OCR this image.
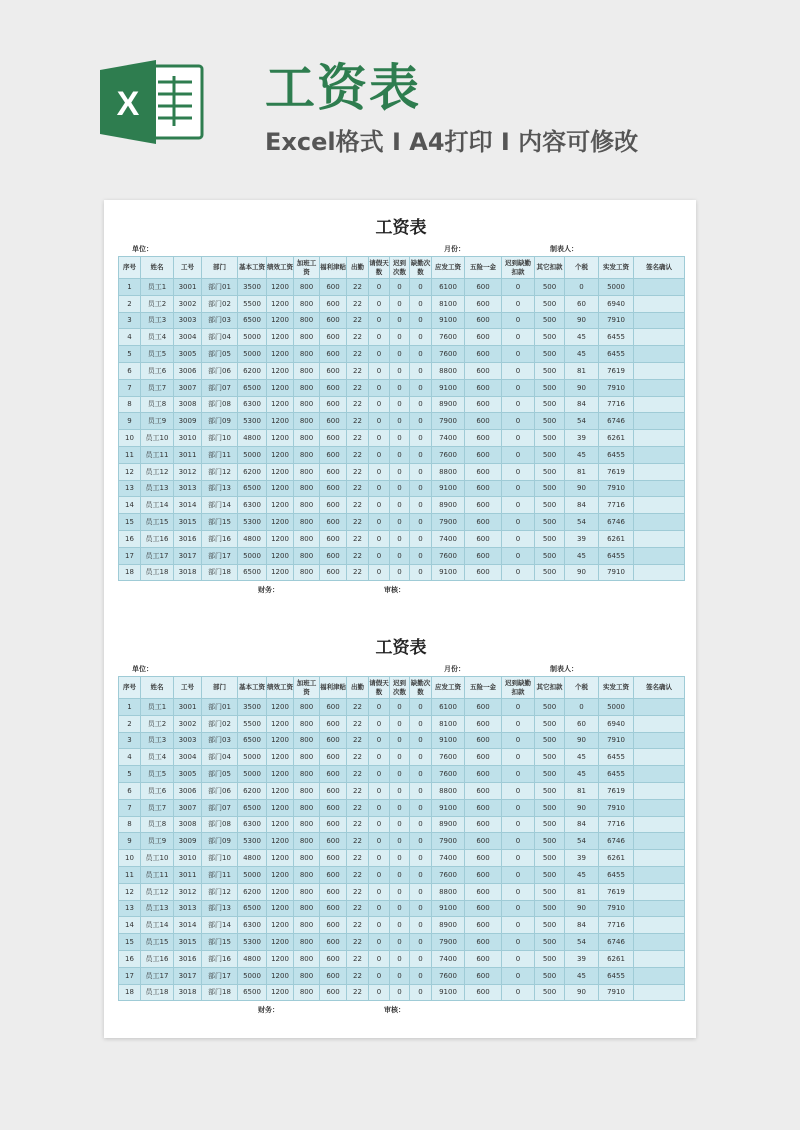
X	工资表
Excel格式 I A4打印 I 内容可修改
工资表
单位：	月份：	制表人：
序号	姓名	工号	部门	基本工资	绩效工资	加班工资	福利津贴	出勤	请假天数	迟到次数	缺勤次数	应发工资	五险一金	迟到缺勤扣款	其它扣款	个税	实发工资	签名确认
1	员工1	3001	部门01	3500	1200	800	600	22	0	0	0	6100	600	0	500	0	5000	
2	员工2	3002	部门02	5500	1200	800	600	22	0	0	0	8100	600	0	500	60	6940	
3	员工3	3003	部门03	6500	1200	800	600	22	0	0	0	9100	600	0	500	90	7910	
4	员工4	3004	部门04	5000	1200	800	600	22	0	0	0	7600	600	0	500	45	6455	
5	员工5	3005	部门05	5000	1200	800	600	22	0	0	0	7600	600	0	500	45	6455	
6	员工6	3006	部门06	6200	1200	800	600	22	0	0	0	8800	600	0	500	81	7619	
7	员工7	3007	部门07	6500	1200	800	600	22	0	0	0	9100	600	0	500	90	7910	
8	员工8	3008	部门08	6300	1200	800	600	22	0	0	0	8900	600	0	500	84	7716	
9	员工9	3009	部门09	5300	1200	800	600	22	0	0	0	7900	600	0	500	54	6746	
10	员工10	3010	部门10	4800	1200	800	600	22	0	0	0	7400	600	0	500	39	6261	
11	员工11	3011	部门11	5000	1200	800	600	22	0	0	0	7600	600	0	500	45	6455	
12	员工12	3012	部门12	6200	1200	800	600	22	0	0	0	8800	600	0	500	81	7619	
13	员工13	3013	部门13	6500	1200	800	600	22	0	0	0	9100	600	0	500	90	7910	
14	员工14	3014	部门14	6300	1200	800	600	22	0	0	0	8900	600	0	500	84	7716	
15	员工15	3015	部门15	5300	1200	800	600	22	0	0	0	7900	600	0	500	54	6746	
16	员工16	3016	部门16	4800	1200	800	600	22	0	0	0	7400	600	0	500	39	6261	
17	员工17	3017	部门17	5000	1200	800	600	22	0	0	0	7600	600	0	500	45	6455	
18	员工18	3018	部门18	6500	1200	800	600	22	0	0	0	9100	600	0	500	90	7910	
财务：	审核：
工资表
单位：	月份：	制表人：
序号	姓名	工号	部门	基本工资	绩效工资	加班工资	福利津贴	出勤	请假天数	迟到次数	缺勤次数	应发工资	五险一金	迟到缺勤扣款	其它扣款	个税	实发工资	签名确认
1	员工1	3001	部门01	3500	1200	800	600	22	0	0	0	6100	600	0	500	0	5000	
2	员工2	3002	部门02	5500	1200	800	600	22	0	0	0	8100	600	0	500	60	6940	
3	员工3	3003	部门03	6500	1200	800	600	22	0	0	0	9100	600	0	500	90	7910	
4	员工4	3004	部门04	5000	1200	800	600	22	0	0	0	7600	600	0	500	45	6455	
5	员工5	3005	部门05	5000	1200	800	600	22	0	0	0	7600	600	0	500	45	6455	
6	员工6	3006	部门06	6200	1200	800	600	22	0	0	0	8800	600	0	500	81	7619	
7	员工7	3007	部门07	6500	1200	800	600	22	0	0	0	9100	600	0	500	90	7910	
8	员工8	3008	部门08	6300	1200	800	600	22	0	0	0	8900	600	0	500	84	7716	
9	员工9	3009	部门09	5300	1200	800	600	22	0	0	0	7900	600	0	500	54	6746	
10	员工10	3010	部门10	4800	1200	800	600	22	0	0	0	7400	600	0	500	39	6261	
11	员工11	3011	部门11	5000	1200	800	600	22	0	0	0	7600	600	0	500	45	6455	
12	员工12	3012	部门12	6200	1200	800	600	22	0	0	0	8800	600	0	500	81	7619	
13	员工13	3013	部门13	6500	1200	800	600	22	0	0	0	9100	600	0	500	90	7910	
14	员工14	3014	部门14	6300	1200	800	600	22	0	0	0	8900	600	0	500	84	7716	
15	员工15	3015	部门15	5300	1200	800	600	22	0	0	0	7900	600	0	500	54	6746	
16	员工16	3016	部门16	4800	1200	800	600	22	0	0	0	7400	600	0	500	39	6261	
17	员工17	3017	部门17	5000	1200	800	600	22	0	0	0	7600	600	0	500	45	6455	
18	员工18	3018	部门18	6500	1200	800	600	22	0	0	0	9100	600	0	500	90	7910	
财务：	审核：
